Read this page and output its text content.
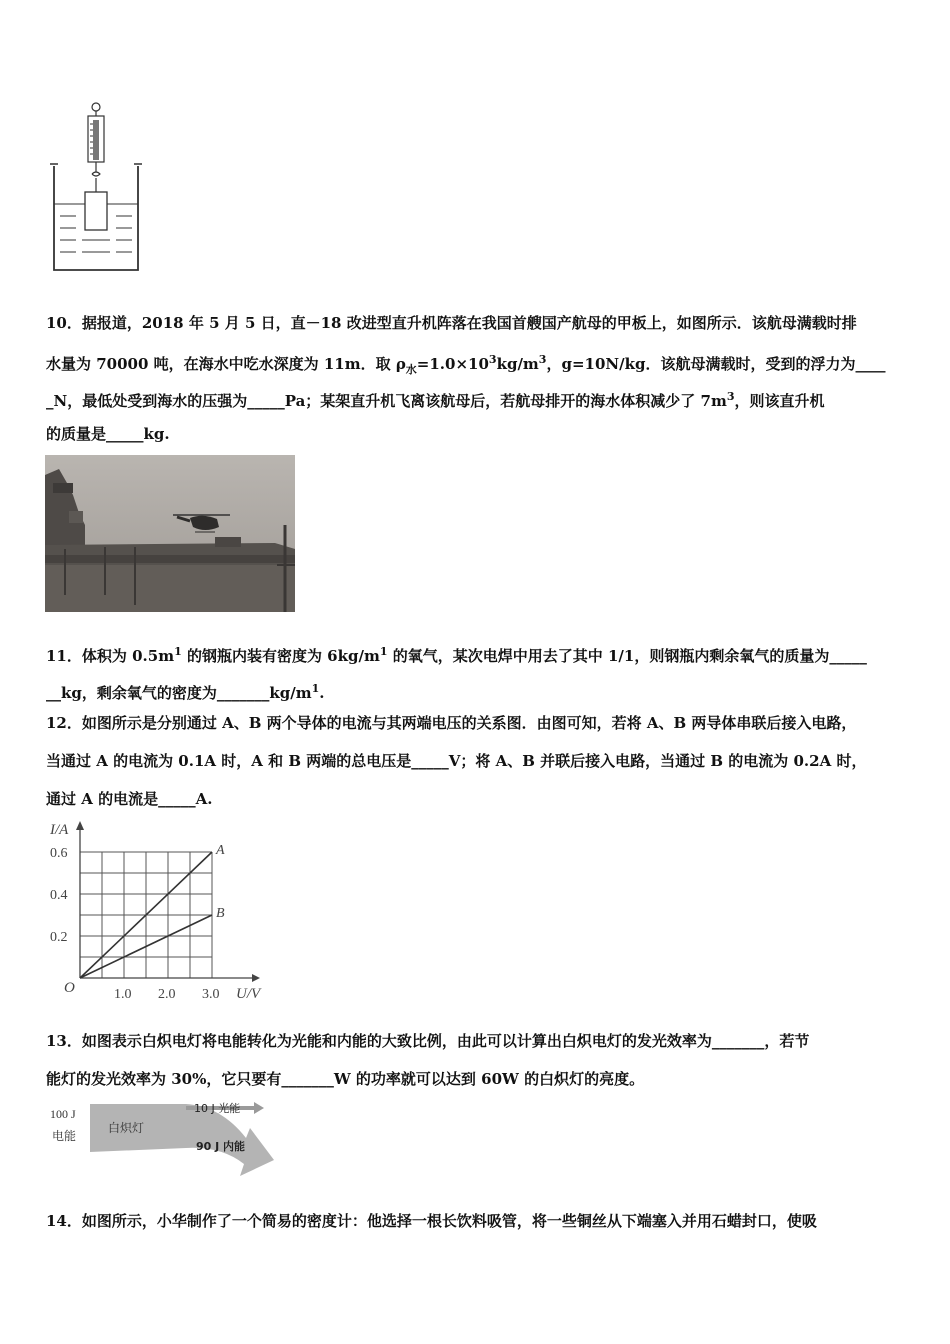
10．据报道，2018 年 5 月 5 日，直－18 改进型直升机阵落在我国首艘国产航母的甲板上，如图所示．该航母满载时排
水量为 70000 吨，在海水中吃水深度为 11m．取 $\rho_水=1.0\times 10^3kg/m^3$，g=10N/kg．该航母满载时，受到的浮力为____
_N，最低处受到海水的压强为_____Pa；某架直升机飞离该航母后，若航母排开的海水体积减少了 $7m^3$，则该直升机
的质量是_____kg.
11．体积为 $0.5m^1$ 的钢瓶内装有密度为 $6kg/m^1$ 的氧气，某次电焊中用去了其中 1/1，则钢瓶内剩余氧气的质量为_____
__kg，剩余氧气的密度为$\_\_\_\_\_\_\_kg/m^1$.
12．如图所示是分别通过 A、B 两个导体的电流与其两端电压的关系图．由图可知，若将 A、B 两导体串联后接入电路，
当通过 A 的电流为 0.1A 时，A 和 B 两端的总电压是_____V；将 A、B 并联后接入电路，当通过 B 的电流为 0.2A 时，
通过 A 的电流是_____A.
A
B
I/A
U/V
O	1.0 2.0 3.0
0.2
0.4
0.6
13．如图表示白炽电灯将电能转化为光能和内能的大致比例，由此可以计算出白炽电灯的发光效率为_______，若节
能灯的发光效率为 30%，它只要有_______W 的功率就可以达到 60W 的白炽灯的亮度。
100 J
电能
白炽灯
10 J 光能
90 J 内能
14．如图所示，小华制作了一个简易的密度计：他选择一根长饮料吸管，将一些铜丝从下端塞入并用石蜡封口，使吸
